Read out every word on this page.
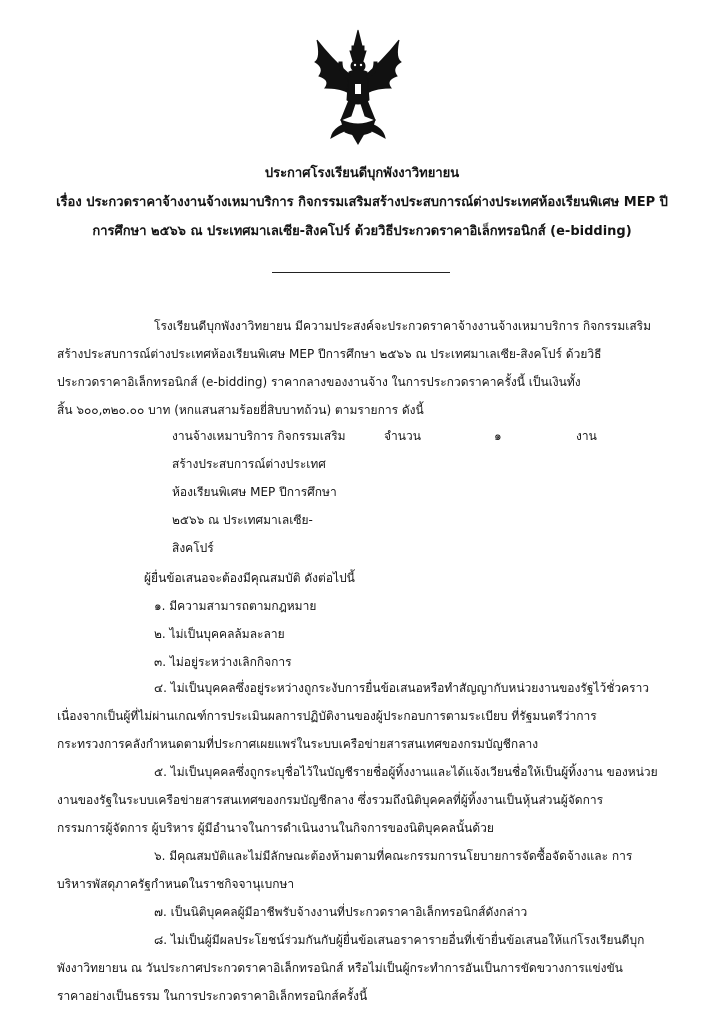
ประกาศโรงเรียนดีบุกพังงาวิทยายน
เรื่อง ประกวดราคาจ้างงานจ้างเหมาบริการ กิจกรรมเสริมสร้างประสบการณ์ต่างประเทศห้องเรียนพิเศษ MEP ปี
การศึกษา ๒๕๖๖ ณ ประเทศมาเลเซีย-สิงคโปร์ ด้วยวิธีประกวดราคาอิเล็กทรอนิกส์ (e-bidding)
โรงเรียนดีบุกพังงาวิทยายน มีความประสงค์จะประกวดราคาจ้างงานจ้างเหมาบริการ กิจกรรมเสริม
สร้างประสบการณ์ต่างประเทศห้องเรียนพิเศษ MEP ปีการศึกษา ๒๕๖๖ ณ ประเทศมาเลเซีย-สิงคโปร์ ด้วยวิธี
ประกวดราคาอิเล็กทรอนิกส์ (e-bidding) ราคากลางของงานจ้าง ในการประกวดราคาครั้งนี้ เป็นเงินทั้ง
สิ้น ๖๐๐,๓๒๐.๐๐ บาท (หกแสนสามร้อยยี่สิบบาทถ้วน) ตามรายการ ดังนี้
งานจ้างเหมาบริการ กิจกรรมเสริม
สร้างประสบการณ์ต่างประเทศ
ห้องเรียนพิเศษ MEP ปีการศึกษา
๒๕๖๖ ณ ประเทศมาเลเซีย-
สิงคโปร์
จำนวน	๑	งาน
ผู้ยื่นข้อเสนอจะต้องมีคุณสมบัติ ดังต่อไปนี้
๑. มีความสามารถตามกฎหมาย
๒. ไม่เป็นบุคคลล้มละลาย
๓. ไม่อยู่ระหว่างเลิกกิจการ
๔. ไม่เป็นบุคคลซึ่งอยู่ระหว่างถูกระงับการยื่นข้อเสนอหรือทำสัญญากับหน่วยงานของรัฐไว้ชั่วคราว
เนื่องจากเป็นผู้ที่ไม่ผ่านเกณฑ์การประเมินผลการปฏิบัติงานของผู้ประกอบการตามระเบียบ ที่รัฐมนตรีว่าการ
กระทรวงการคลังกำหนดตามที่ประกาศเผยแพร่ในระบบเครือข่ายสารสนเทศของกรมบัญชีกลาง
๕. ไม่เป็นบุคคลซึ่งถูกระบุชื่อไว้ในบัญชีรายชื่อผู้ทิ้งงานและได้แจ้งเวียนชื่อให้เป็นผู้ทิ้งงาน ของหน่วย
งานของรัฐในระบบเครือข่ายสารสนเทศของกรมบัญชีกลาง ซึ่งรวมถึงนิติบุคคลที่ผู้ทิ้งงานเป็นหุ้นส่วนผู้จัดการ
กรรมการผู้จัดการ ผู้บริหาร ผู้มีอำนาจในการดำเนินงานในกิจการของนิติบุคคลนั้นด้วย
๖. มีคุณสมบัติและไม่มีลักษณะต้องห้ามตามที่คณะกรรมการนโยบายการจัดซื้อจัดจ้างและ การ
บริหารพัสดุภาครัฐกำหนดในราชกิจจานุเบกษา
๗. เป็นนิติบุคคลผู้มีอาชีพรับจ้างงานที่ประกวดราคาอิเล็กทรอนิกส์ดังกล่าว
๘. ไม่เป็นผู้มีผลประโยชน์ร่วมกันกับผู้ยื่นข้อเสนอราคารายอื่นที่เข้ายื่นข้อเสนอให้แก่โรงเรียนดีบุก
พังงาวิทยายน ณ วันประกาศประกวดราคาอิเล็กทรอนิกส์ หรือไม่เป็นผู้กระทำการอันเป็นการขัดขวางการแข่งขัน
ราคาอย่างเป็นธรรม ในการประกวดราคาอิเล็กทรอนิกส์ครั้งนี้
